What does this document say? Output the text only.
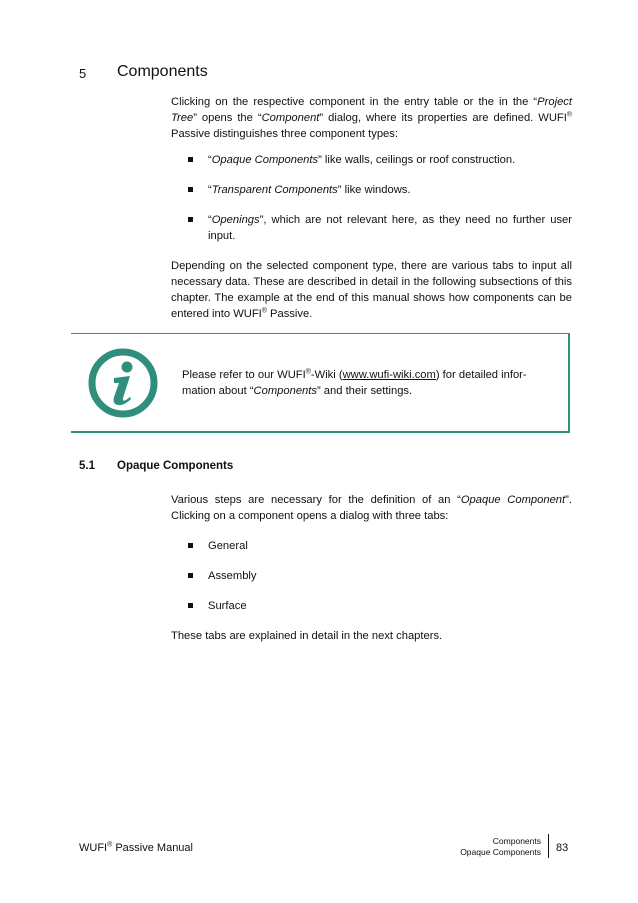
5 Components
Clicking on the respective component in the entry table or the in the “Project Tree” opens the “Component” dialog, where its properties are defined. WUFI® Passive distinguishes three component types:
“Opaque Components” like walls, ceilings or roof construction.
“Transparent Components” like windows.
“Openings”, which are not relevant here, as they need no further user input.
Depending on the selected component type, there are various tabs to input all necessary data. These are described in detail in the following subsections of this chapter. The example at the end of this manual shows how components can be entered into WUFI® Passive.
Please refer to our WUFI®-Wiki (www.wufi-wiki.com) for detailed infor-mation about “Components” and their settings.
5.1 Opaque Components
Various steps are necessary for the definition of an “Opaque Component”. Clicking on a component opens a dialog with three tabs:
General
Assembly
Surface
These tabs are explained in detail in the next chapters.
WUFI® Passive Manual
Components
Opaque Components 83
